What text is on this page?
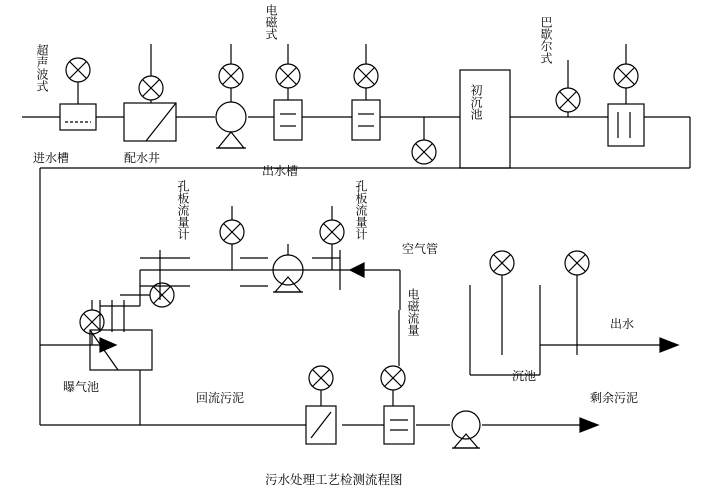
超声波式
电磁式	巴歇尔式
进水槽	配水井
出水槽
初沉池
孔板流量计	孔板流量计
空气管
电磁流量
曝气池
回流污泥
沉池
剩余污泥
出水
污水处理工艺检测流程图
